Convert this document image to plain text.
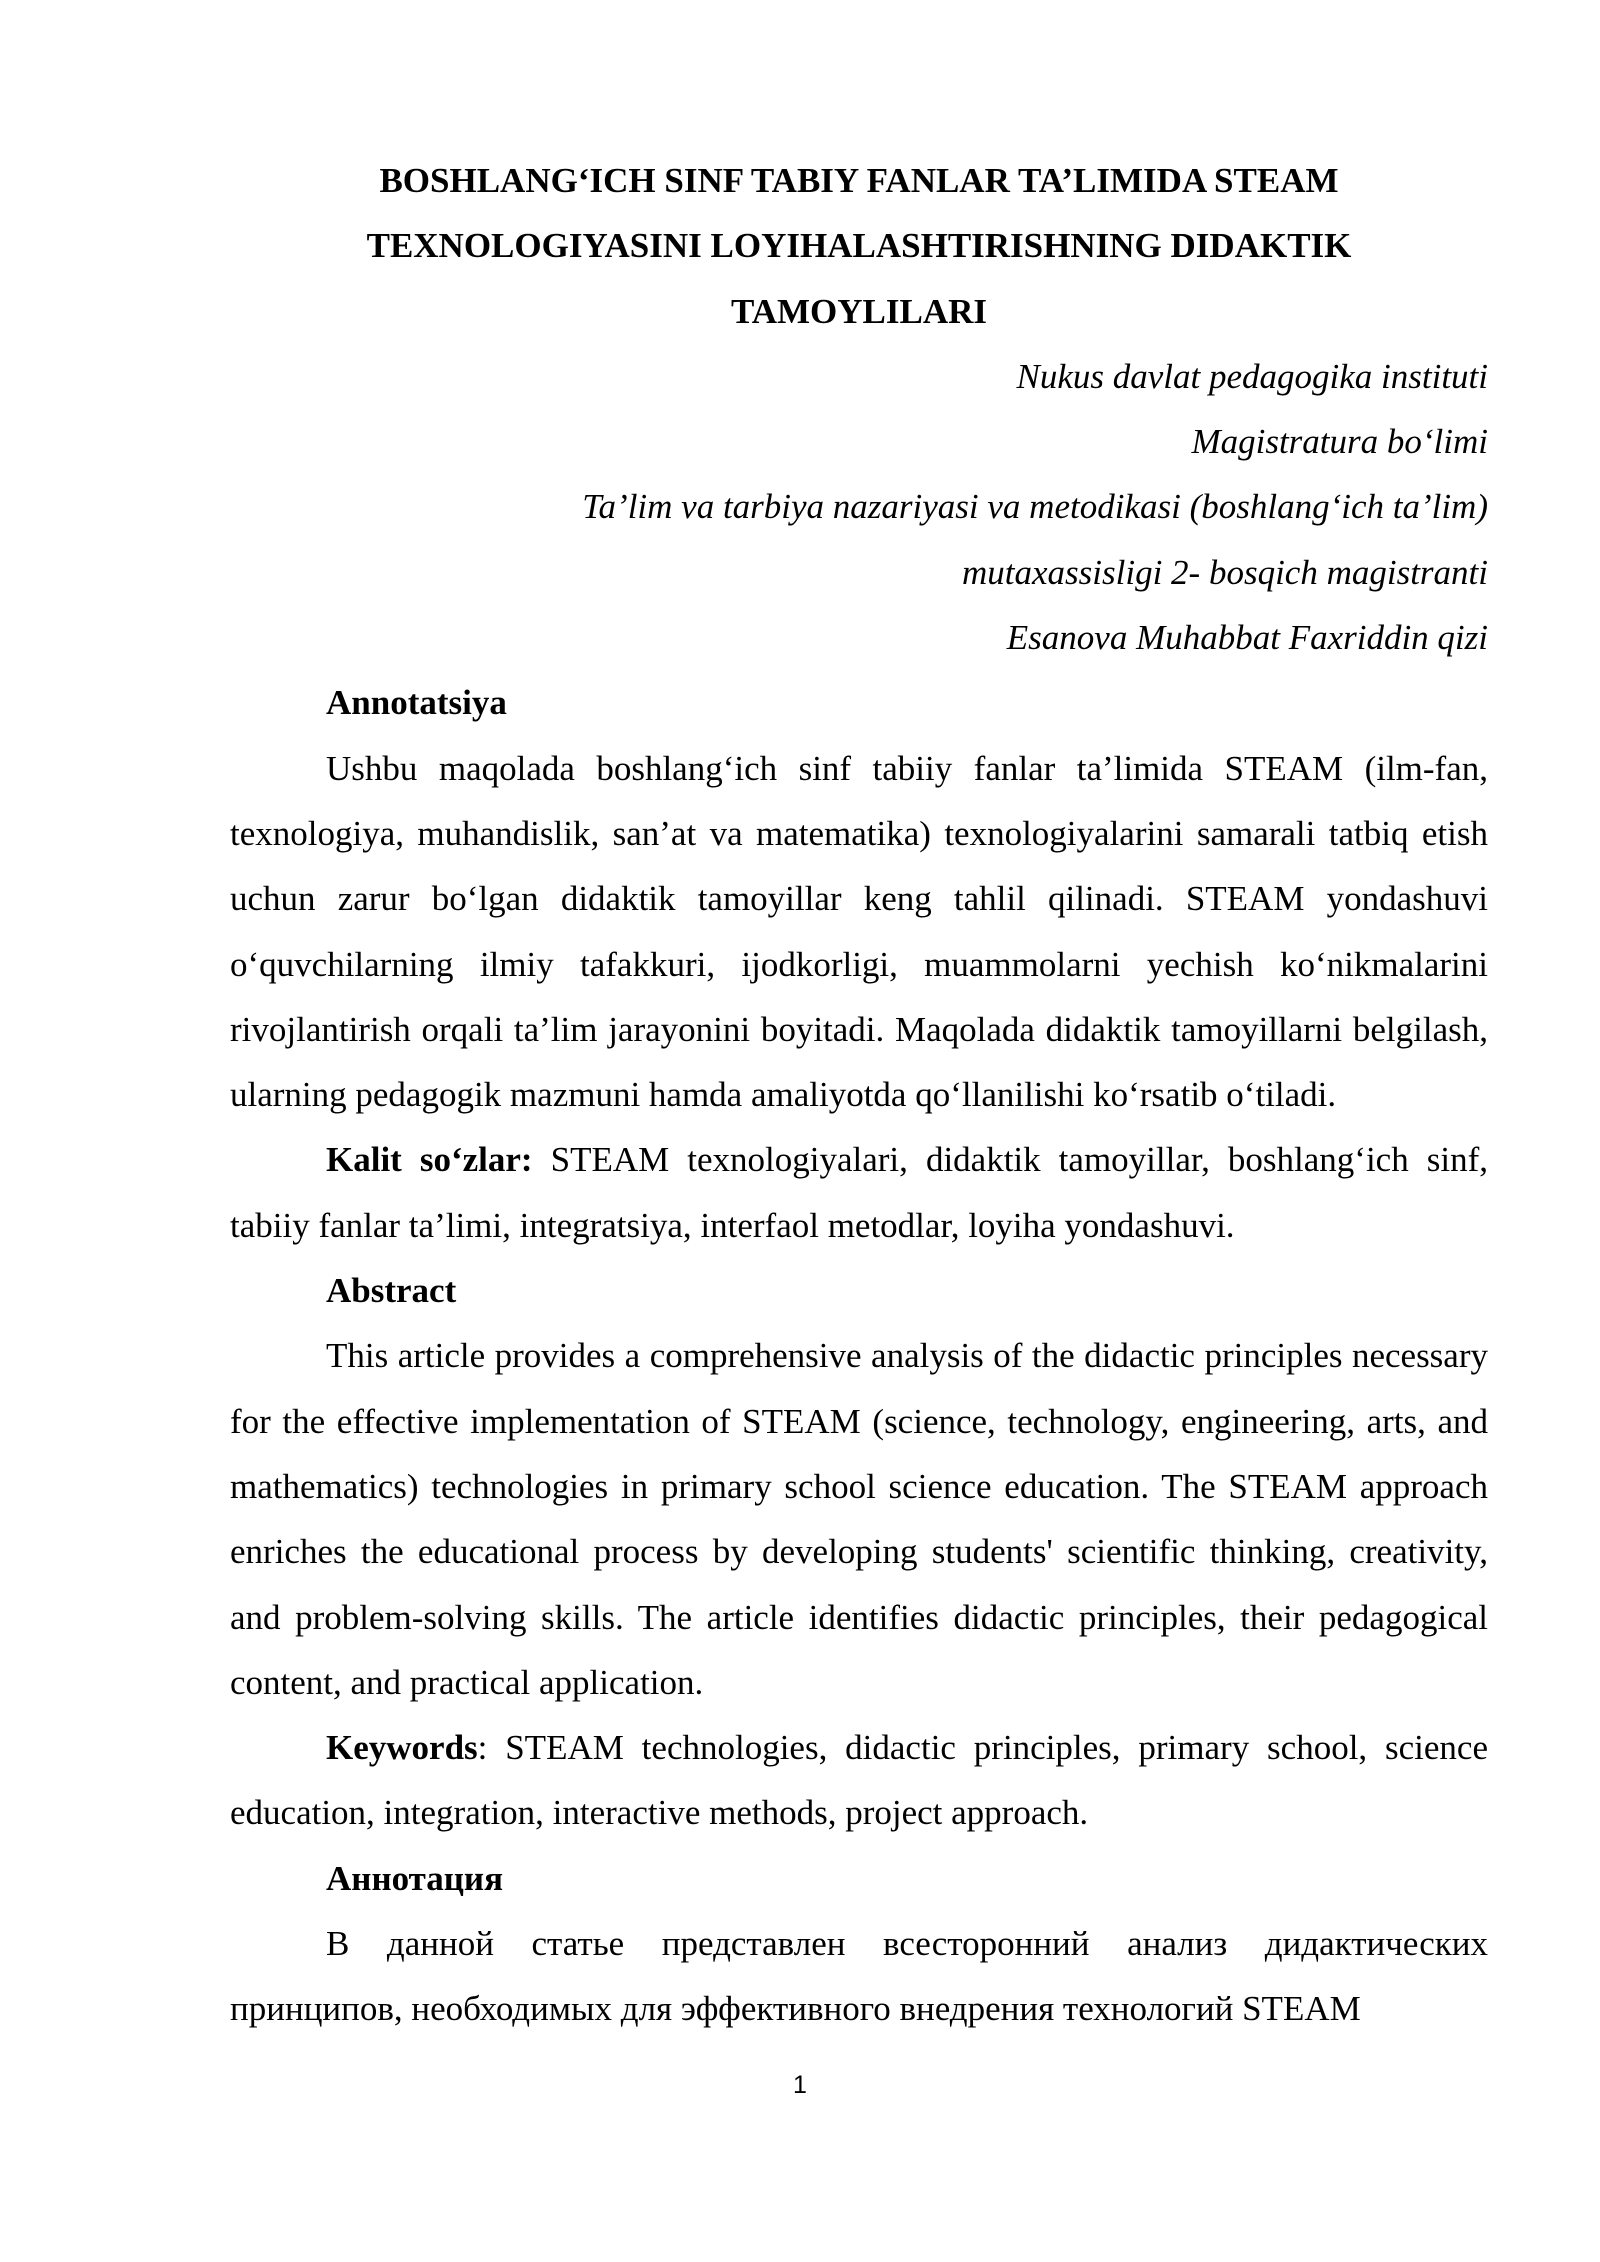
BOSHLANG‘ICH SINF TABIY FANLAR TA’LIMIDA STEAM
TEXNOLOGIYASINI LOYIHALASHTIRISHNING DIDAKTIK
TAMOYLILARI
Nukus davlat pedagogika instituti
Magistratura bo‘limi
Ta’lim va tarbiya nazariyasi va metodikasi (boshlang‘ich ta’lim)
mutaxassisligi 2- bosqich magistranti
Esanova Muhabbat Faxriddin qizi

Annotatsiya

Ushbu maqolada boshlang‘ich sinf tabiiy fanlar ta’limida STEAM (ilm-fan, texnologiya, muhandislik, san’at va matematika) texnologiyalarini samarali tatbiq etish uchun zarur bo‘lgan didaktik tamoyillar keng tahlil qilinadi. STEAM yondashuvi o‘quvchilarning ilmiy tafakkuri, ijodkorligi, muammolarni yechish ko‘nikmalarini rivojlantirish orqali ta’lim jarayonini boyitadi. Maqolada didaktik tamoyillarni belgilash, ularning pedagogik mazmuni hamda amaliyotda qo‘llanilishi ko‘rsatib o‘tiladi.

Kalit so‘zlar: STEAM texnologiyalari, didaktik tamoyillar, boshlang‘ich sinf, tabiiy fanlar ta’limi, integratsiya, interfaol metodlar, loyiha yondashuvi.

Abstract

This article provides a comprehensive analysis of the didactic principles necessary for the effective implementation of STEAM (science, technology, engineering, arts, and mathematics) technologies in primary school science education. The STEAM approach enriches the educational process by developing students' scientific thinking, creativity, and problem-solving skills. The article identifies didactic principles, their pedagogical content, and practical application.

Keywords: STEAM technologies, didactic principles, primary school, science education, integration, interactive methods, project approach.

Аннотация

В данной статье представлен всесторонний анализ дидактических принципов, необходимых для эффективного внедрения технологий STEAM

1
